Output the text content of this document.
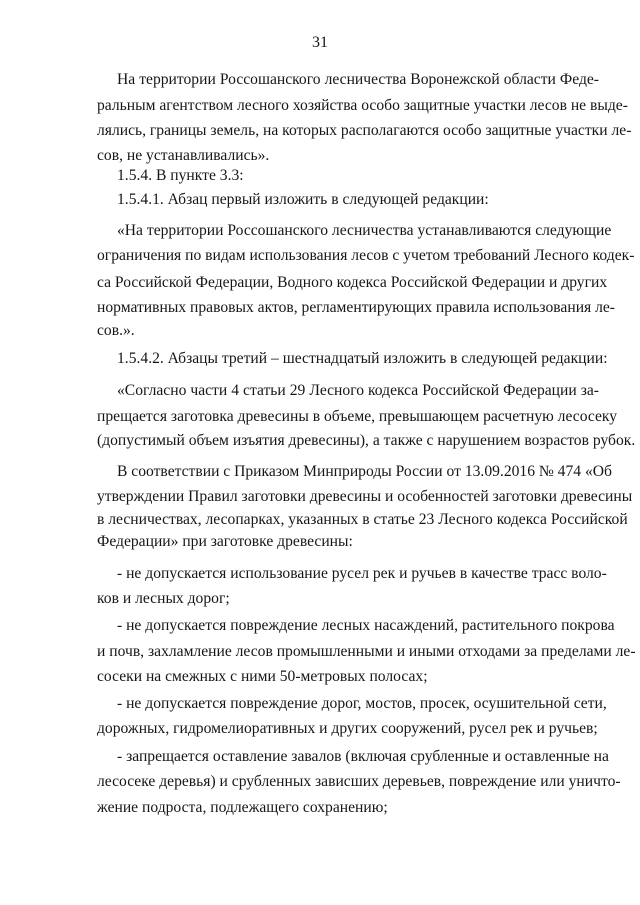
31
На территории Россошанского лесничества Воронежской области Феде-
ральным агентством лесного хозяйства особо защитные участки лесов не выде-
лялись, границы земель, на которых располагаются особо защитные участки ле-
сов, не устанавливались».
1.5.4. В пункте 3.3:
1.5.4.1. Абзац первый изложить в следующей редакции:
«На территории Россошанского лесничества устанавливаются следующие
ограничения по видам использования лесов с учетом требований Лесного кодек-
са Российской Федерации, Водного кодекса Российской Федерации и других
нормативных правовых актов, регламентирующих правила использования ле-
сов.».
1.5.4.2. Абзацы третий – шестнадцатый изложить в следующей редакции:
«Согласно части 4 статьи 29 Лесного кодекса Российской Федерации за-
прещается заготовка древесины в объеме, превышающем расчетную лесосеку
(допустимый объем изъятия древесины), а также с нарушением возрастов рубок.
В соответствии с Приказом Минприроды России от 13.09.2016 № 474 «Об
утверждении Правил заготовки древесины и особенностей заготовки древесины
в лесничествах, лесопарках, указанных в статье 23 Лесного кодекса Российской
Федерации» при заготовке древесины:
- не допускается использование русел рек и ручьев в качестве трасс воло-
ков и лесных дорог;
- не допускается повреждение лесных насаждений, растительного покрова
и почв, захламление лесов промышленными и иными отходами за пределами ле-
сосеки на смежных с ними 50-метровых полосах;
- не допускается повреждение дорог, мостов, просек, осушительной сети,
дорожных, гидромелиоративных и других сооружений, русел рек и ручьев;
- запрещается оставление завалов (включая срубленные и оставленные на
лесосеке деревья) и срубленных зависших деревьев, повреждение или уничто-
жение подроста, подлежащего сохранению;
